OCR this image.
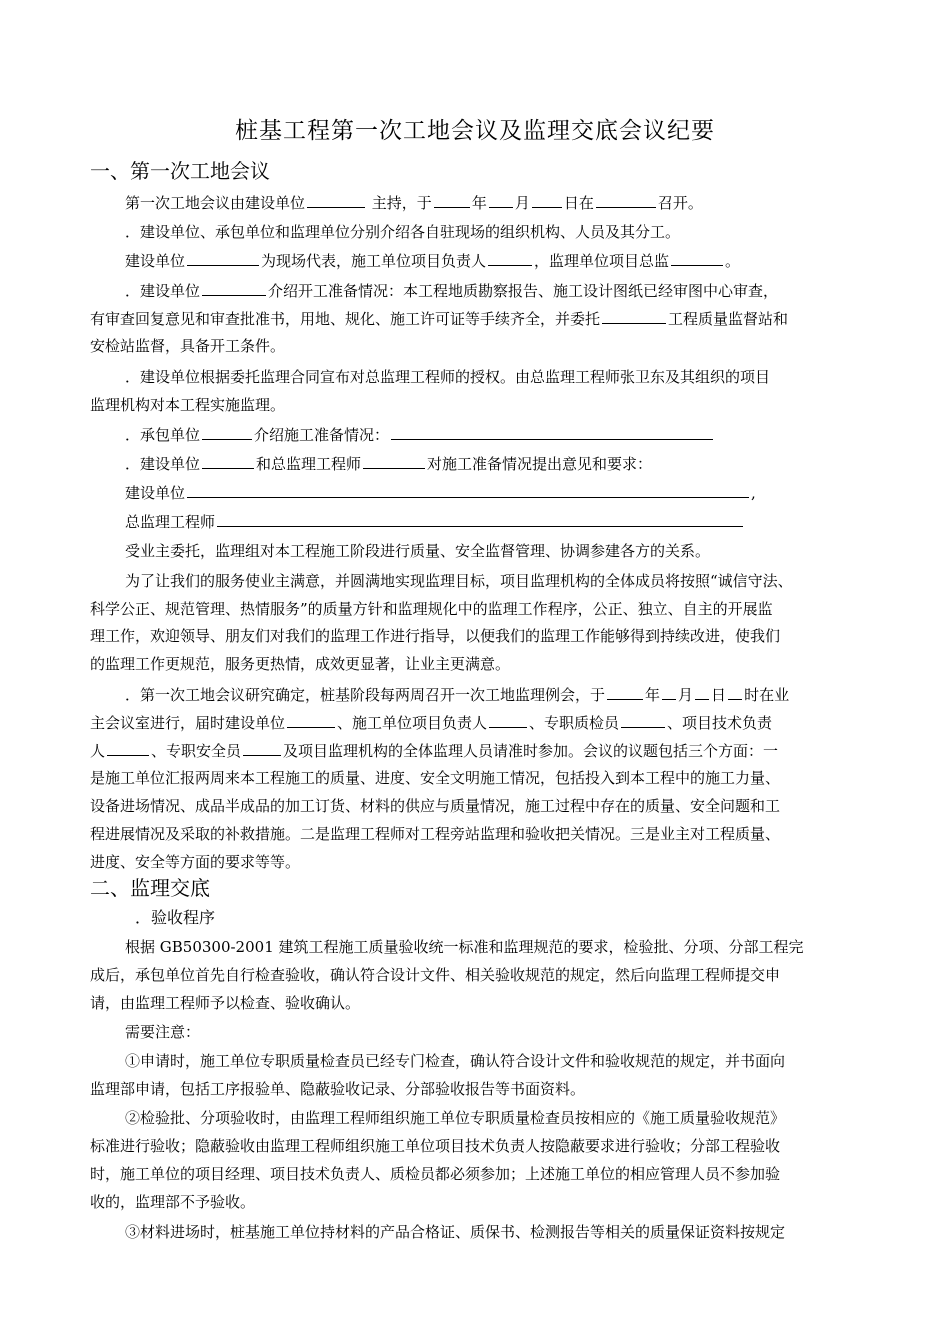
桩基工程第一次工地会议及监理交底会议纪要
一、第一次工地会议
第一次工地会议由建设单位	主持，于	年 月 日在	召开。
．建设单位、承包单位和监理单位分别介绍各自驻现场的组织机构、人员及其分工。
建设单位	为现场代表，施工单位项目负责人	，监理单位项目总监	。
．建设单位	介绍开工准备情况：本工程地质勘察报告、施工设计图纸已经审图中心审查，
有审查回复意见和审查批准书，用地、规化、施工许可证等手续齐全，并委托	工程质量监督站和
安检站监督，具备开工条件。
．建设单位根据委托监理合同宣布对总监理工程师的授权。由总监理工程师张卫东及其组织的项目
监理机构对本工程实施监理。
．承包单位	介绍施工准备情况：
．建设单位	和总监理工程师	对施工准备情况提出意见和要求：
建设单位	,
总监理工程师
受业主委托，监理组对本工程施工阶段进行质量、安全监督管理、协调参建各方的关系。
为了让我们的服务使业主满意，并圆满地实现监理目标，项目监理机构的全体成员将按照“诚信守法、
科学公正、规范管理、热情服务”的质量方针和监理规化中的监理工作程序，公正、独立、自主的开展监
理工作，欢迎领导、朋友们对我们的监理工作进行指导，以便我们的监理工作能够得到持续改进，使我们
的监理工作更规范，服务更热情，成效更显著，让业主更满意。
．第一次工地会议研究确定，桩基阶段每两周召开一次工地监理例会，于	年 月 日 时在业
主会议室进行，届时建设单位	、施工单位项目负责人	、专职质检员	、项目技术负责
人	、专职安全员	及项目监理机构的全体监理人员请准时参加。会议的议题包括三个方面：一
是施工单位汇报两周来本工程施工的质量、进度、安全文明施工情况，包括投入到本工程中的施工力量、
设备进场情况、成品半成品的加工订货、材料的供应与质量情况，施工过程中存在的质量、安全问题和工
程进展情况及采取的补救措施。二是监理工程师对工程旁站监理和验收把关情况。三是业主对工程质量、
进度、安全等方面的要求等等。
二、监理交底
．验收程序
根据 GB50300-2001 建筑工程施工质量验收统一标准和监理规范的要求，检验批、分项、分部工程完
成后，承包单位首先自行检查验收，确认符合设计文件、相关验收规范的规定，然后向监理工程师提交申
请，由监理工程师予以检查、验收确认。
需要注意：
①申请时，施工单位专职质量检查员已经专门检查，确认符合设计文件和验收规范的规定，并书面向
监理部申请，包括工序报验单、隐蔽验收记录、分部验收报告等书面资料。
②检验批、分项验收时，由监理工程师组织施工单位专职质量检查员按相应的《施工质量验收规范》
标准进行验收；隐蔽验收由监理工程师组织施工单位项目技术负责人按隐蔽要求进行验收；分部工程验收
时，施工单位的项目经理、项目技术负责人、质检员都必须参加；上述施工单位的相应管理人员不参加验
收的，监理部不予验收。
③材料进场时，桩基施工单位持材料的产品合格证、质保书、检测报告等相关的质量保证资料按规定
